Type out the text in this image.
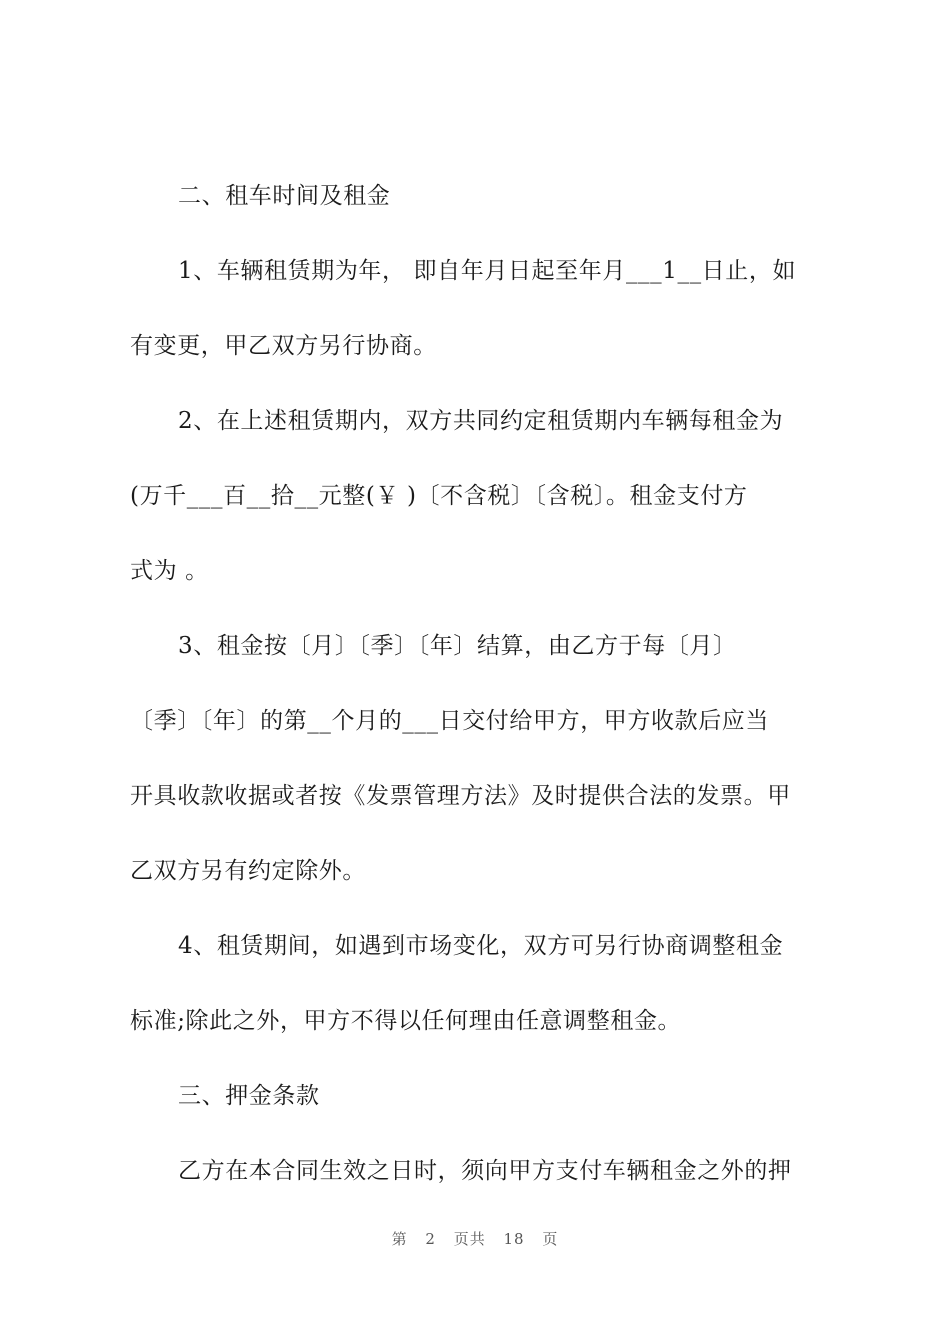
二、租车时间及租金
1、车辆租赁期为年， 即自年月日起至年月___1__日止，如
有变更，甲乙双方另行协商。
2、在上述租赁期内，双方共同约定租赁期内车辆每租金为
(万千___百__拾__元整(￥ )〔不含税〕〔含税〕。租金支付方
式为 。
3、租金按〔月〕〔季〕〔年〕结算，由乙方于每〔月〕
〔季〕〔年〕的第__个月的___日交付给甲方，甲方收款后应当
开具收款收据或者按《发票管理方法》及时提供合法的发票。甲
乙双方另有约定除外。
4、租赁期间，如遇到市场变化，双方可另行协商调整租金
标准;除此之外，甲方不得以任何理由任意调整租金。
三、押金条款
乙方在本合同生效之日时，须向甲方支付车辆租金之外的押
第 2 页共 18 页
